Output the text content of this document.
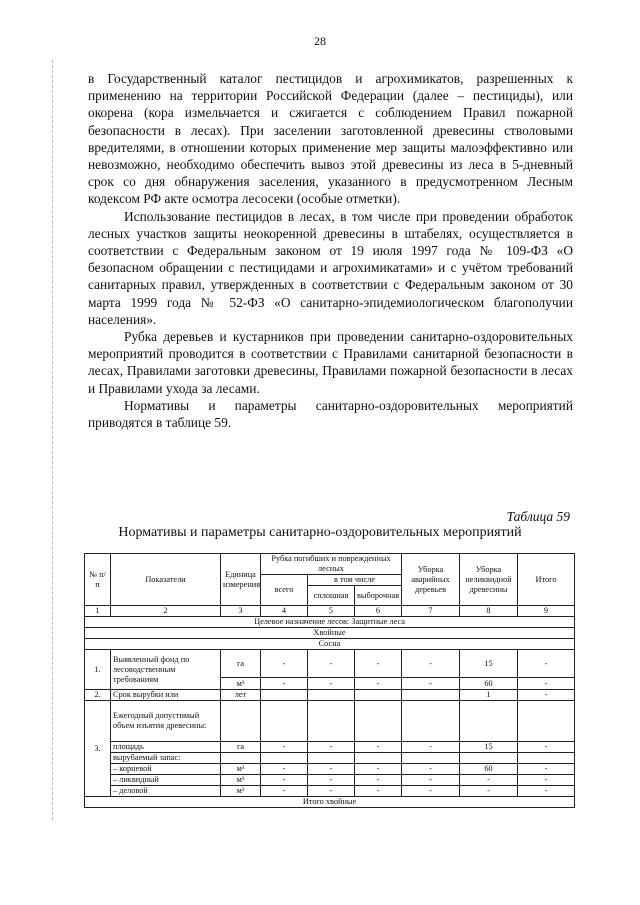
28

в Государственный каталог пестицидов и агрохимикатов, разрешенных к применению на территории Российской Федерации (далее – пестициды), или окорена (кора измельчается и сжигается с соблюдением Правил пожарной безопасности в лесах). При заселении заготовленной древесины стволовыми вредителями, в отношении которых применение мер защиты малоэффективно или невозможно, необходимо обеспечить вывоз этой древесины из леса в 5-дневный срок со дня обнаружения заселения, указанного в предусмотренном Лесным кодексом РФ акте осмотра лесосеки (особые отметки).

Использование пестицидов в лесах, в том числе при проведении обработок лесных участков защиты неокоренной древесины в штабелях, осуществляется в соответствии с Федеральным законом от 19 июля 1997 года № 109-ФЗ «О безопасном обращении с пестицидами и агрохимикатами» и с учётом требований санитарных правил, утвержденных в соответствии с Федеральным законом от 30 марта 1999 года № 52-ФЗ «О санитарно-эпидемиологическом благополучии населения».

Рубка деревьев и кустарников при проведении санитарно-оздоровительных мероприятий проводится в соответствии с Правилами санитарной безопасности в лесах, Правилами заготовки древесины, Правилами пожарной безопасности в лесах и Правилами ухода за лесами.

Нормативы и параметры санитарно-оздоровительных мероприятий приводятся в таблице 59.

Таблица 59
Нормативы и параметры санитарно-оздоровительных мероприятий
№ п/п	Показатели	Единица измерения	Рубка погибших и поврежденных лесных			Уборка аварийных деревьев	Уборка неликвидной древесины	Итого
			всего	в том числе				
				сплошная	выборочная			
1	2	3	4	5	6	7	8	9
Целевое назначение лесов: Защитные леса								
Хвойные								
Сосна								
1.	Выявленный фонд по лесоводственным требованиям	га	-	-	-	-	15	-
		м³	-	-	-	-	60	-
2.	Срок вырубки или	лет					1	-
3.	Ежегодный допустимый объем изъятия древесины:							
	площадь	га	-	-	-	-	15	-
	вырубаемый запас:							
	– корневой	м³	-	-	-	-	60	-
	– ликвидный	м³	-	-	-	-	-	-
	– деловой	м³	-	-	-	-	-	-
Итого хвойные								
